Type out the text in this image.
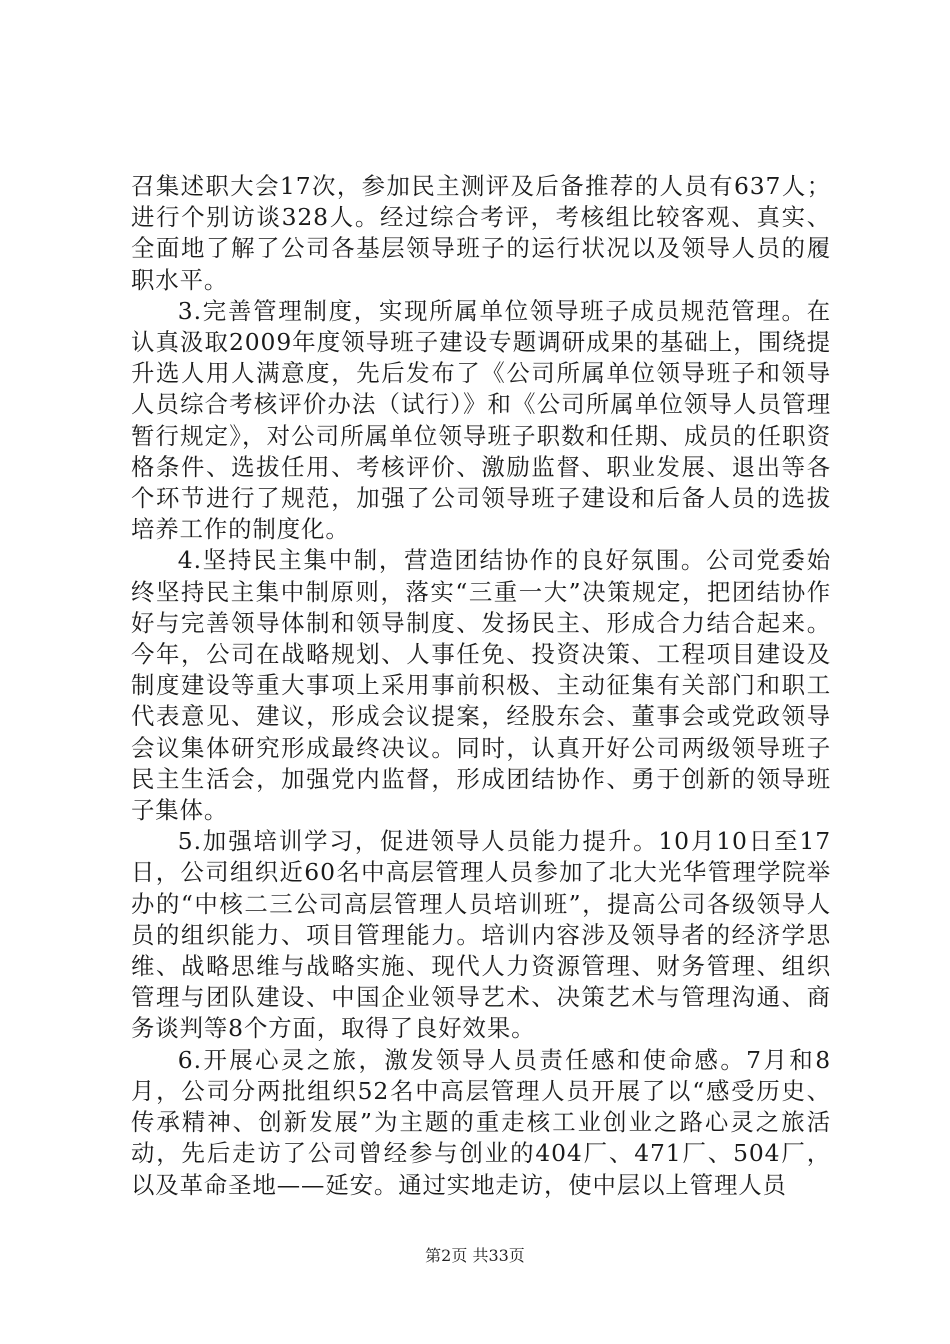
召集述职大会17次，参加民主测评及后备推荐的人员有637人；进行个别访谈328人。经过综合考评，考核组比较客观、真实、全面地了解了公司各基层领导班子的运行状况以及领导人员的履职水平。

3.完善管理制度，实现所属单位领导班子成员规范管理。在认真汲取2009年度领导班子建设专题调研成果的基础上，围绕提升选人用人满意度，先后发布了《公司所属单位领导班子和领导人员综合考核评价办法（试行）》和《公司所属单位领导人员管理暂行规定》，对公司所属单位领导班子职数和任期、成员的任职资格条件、选拔任用、考核评价、激励监督、职业发展、退出等各个环节进行了规范，加强了公司领导班子建设和后备人员的选拔培养工作的制度化。

4.坚持民主集中制，营造团结协作的良好氛围。公司党委始终坚持民主集中制原则，落实“三重一大”决策规定，把团结协作好与完善领导体制和领导制度、发扬民主、形成合力结合起来。今年，公司在战略规划、人事任免、投资决策、工程项目建设及制度建设等重大事项上采用事前积极、主动征集有关部门和职工代表意见、建议，形成会议提案，经股东会、董事会或党政领导会议集体研究形成最终决议。同时，认真开好公司两级领导班子民主生活会，加强党内监督，形成团结协作、勇于创新的领导班子集体。

5.加强培训学习，促进领导人员能力提升。10月10日至17日，公司组织近60名中高层管理人员参加了北大光华管理学院举办的“中核二三公司高层管理人员培训班”，提高公司各级领导人员的组织能力、项目管理能力。培训内容涉及领导者的经济学思维、战略思维与战略实施、现代人力资源管理、财务管理、组织管理与团队建设、中国企业领导艺术、决策艺术与管理沟通、商务谈判等8个方面，取得了良好效果。

6.开展心灵之旅，激发领导人员责任感和使命感。7月和8月，公司分两批组织52名中高层管理人员开展了以“感受历史、传承精神、创新发展”为主题的重走核工业创业之路心灵之旅活动，先后走访了公司曾经参与创业的404厂、471厂、504厂，以及革命圣地——延安。通过实地走访，使中层以上管理人员

第2页 共33页
